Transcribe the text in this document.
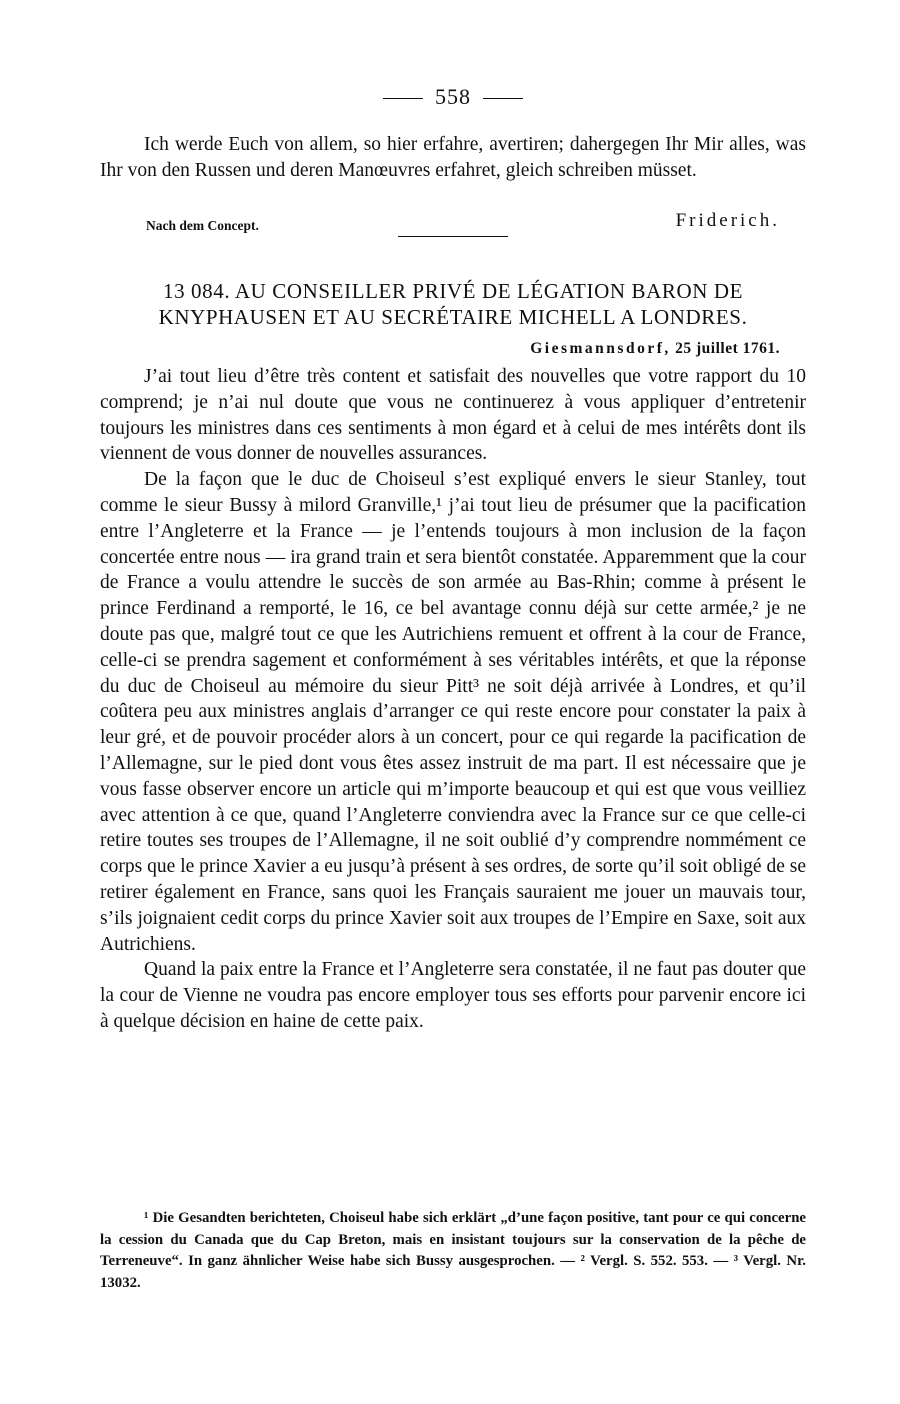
558

Ich werde Euch von allem, so hier erfahre, avertiren; dahergegen Ihr Mir alles, was Ihr von den Russen und deren Manœuvres erfahret, gleich schreiben müsset.

Nach dem Concept.	Friderich.
13 084. AU CONSEILLER PRIVÉ DE LÉGATION BARON DE
KNYPHAUSEN ET AU SECRÉTAIRE MICHELL A LONDRES.
Giesmannsdorf, 25 juillet 1761.

J’ai tout lieu d’être très content et satisfait des nouvelles que votre rapport du 10 comprend; je n’ai nul doute que vous ne continuerez à vous appliquer d’entretenir toujours les ministres dans ces sentiments à mon égard et à celui de mes intérêts dont ils viennent de vous donner de nouvelles assurances.

De la façon que le duc de Choiseul s’est expliqué envers le sieur Stanley, tout comme le sieur Bussy à milord Granville,¹ j’ai tout lieu de présumer que la pacification entre l’Angleterre et la France — je l’entends toujours à mon inclusion de la façon concertée entre nous — ira grand train et sera bientôt constatée. Apparemment que la cour de France a voulu attendre le succès de son armée au Bas-Rhin; comme à présent le prince Ferdinand a remporté, le 16, ce bel avantage connu déjà sur cette armée,² je ne doute pas que, malgré tout ce que les Autrichiens remuent et offrent à la cour de France, celle-ci se prendra sagement et conformément à ses véritables intérêts, et que la réponse du duc de Choiseul au mémoire du sieur Pitt³ ne soit déjà arrivée à Londres, et qu’il coûtera peu aux ministres anglais d’arranger ce qui reste encore pour constater la paix à leur gré, et de pouvoir procéder alors à un concert, pour ce qui regarde la pacification de l’Allemagne, sur le pied dont vous êtes assez instruit de ma part. Il est nécessaire que je vous fasse observer encore un article qui m’importe beaucoup et qui est que vous veilliez avec attention à ce que, quand l’Angleterre conviendra avec la France sur ce que celle-ci retire toutes ses troupes de l’Allemagne, il ne soit oublié d’y comprendre nommément ce corps que le prince Xavier a eu jusqu’à présent à ses ordres, de sorte qu’il soit obligé de se retirer également en France, sans quoi les Français sauraient me jouer un mauvais tour, s’ils joignaient cedit corps du prince Xavier soit aux troupes de l’Empire en Saxe, soit aux Autrichiens.

Quand la paix entre la France et l’Angleterre sera constatée, il ne faut pas douter que la cour de Vienne ne voudra pas encore employer tous ses efforts pour parvenir encore ici à quelque décision en haine de cette paix.

¹ Die Gesandten berichteten, Choiseul habe sich erklärt „d’une façon positive, tant pour ce qui concerne la cession du Canada que du Cap Breton, mais en insistant toujours sur la conservation de la pêche de Terreneuve“. In ganz ähnlicher Weise habe sich Bussy ausgesprochen. — ² Vergl. S. 552. 553. — ³ Vergl. Nr. 13032.
